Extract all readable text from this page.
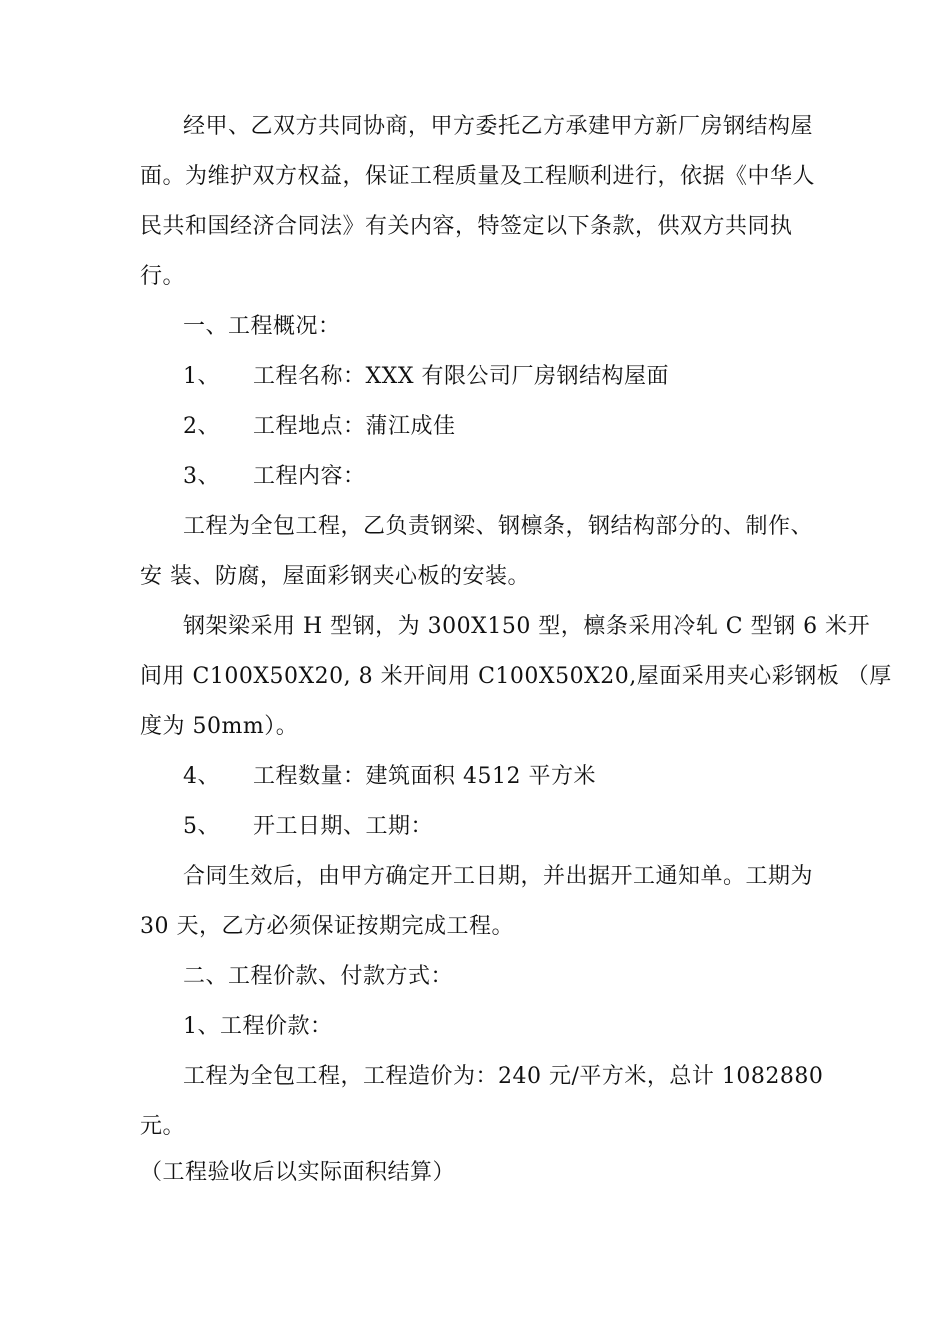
经甲、乙双方共同协商，甲方委托乙方承建甲方新厂房钢结构屋
面。为维护双方权益，保证工程质量及工程顺利进行，依据《中华人
民共和国经济合同法》有关内容，特签定以下条款，供双方共同执
行。
一、工程概况：
1、 工程名称：XXX 有限公司厂房钢结构屋面
2、 工程地点：蒲江成佳
3、 工程内容：
工程为全包工程，乙负责钢梁、钢檩条，钢结构部分的、制作、
安 装、防腐，屋面彩钢夹心板的安装。
钢架梁采用 H 型钢，为 300X150 型，檩条采用冷轧 C 型钢 6 米开
间用 C100X50X20, 8 米开间用 C100X50X20,屋面采用夹心彩钢板 （厚
度为 50mm）。
4、 工程数量：建筑面积 4512 平方米
5、 开工日期、工期：
合同生效后，由甲方确定开工日期，并出据开工通知单。工期为
30 天，乙方必须保证按期完成工程。
二、工程价款、付款方式：
1、工程价款：
工程为全包工程，工程造价为：240 元/平方米，总计 1082880
元。
（工程验收后以实际面积结算）
